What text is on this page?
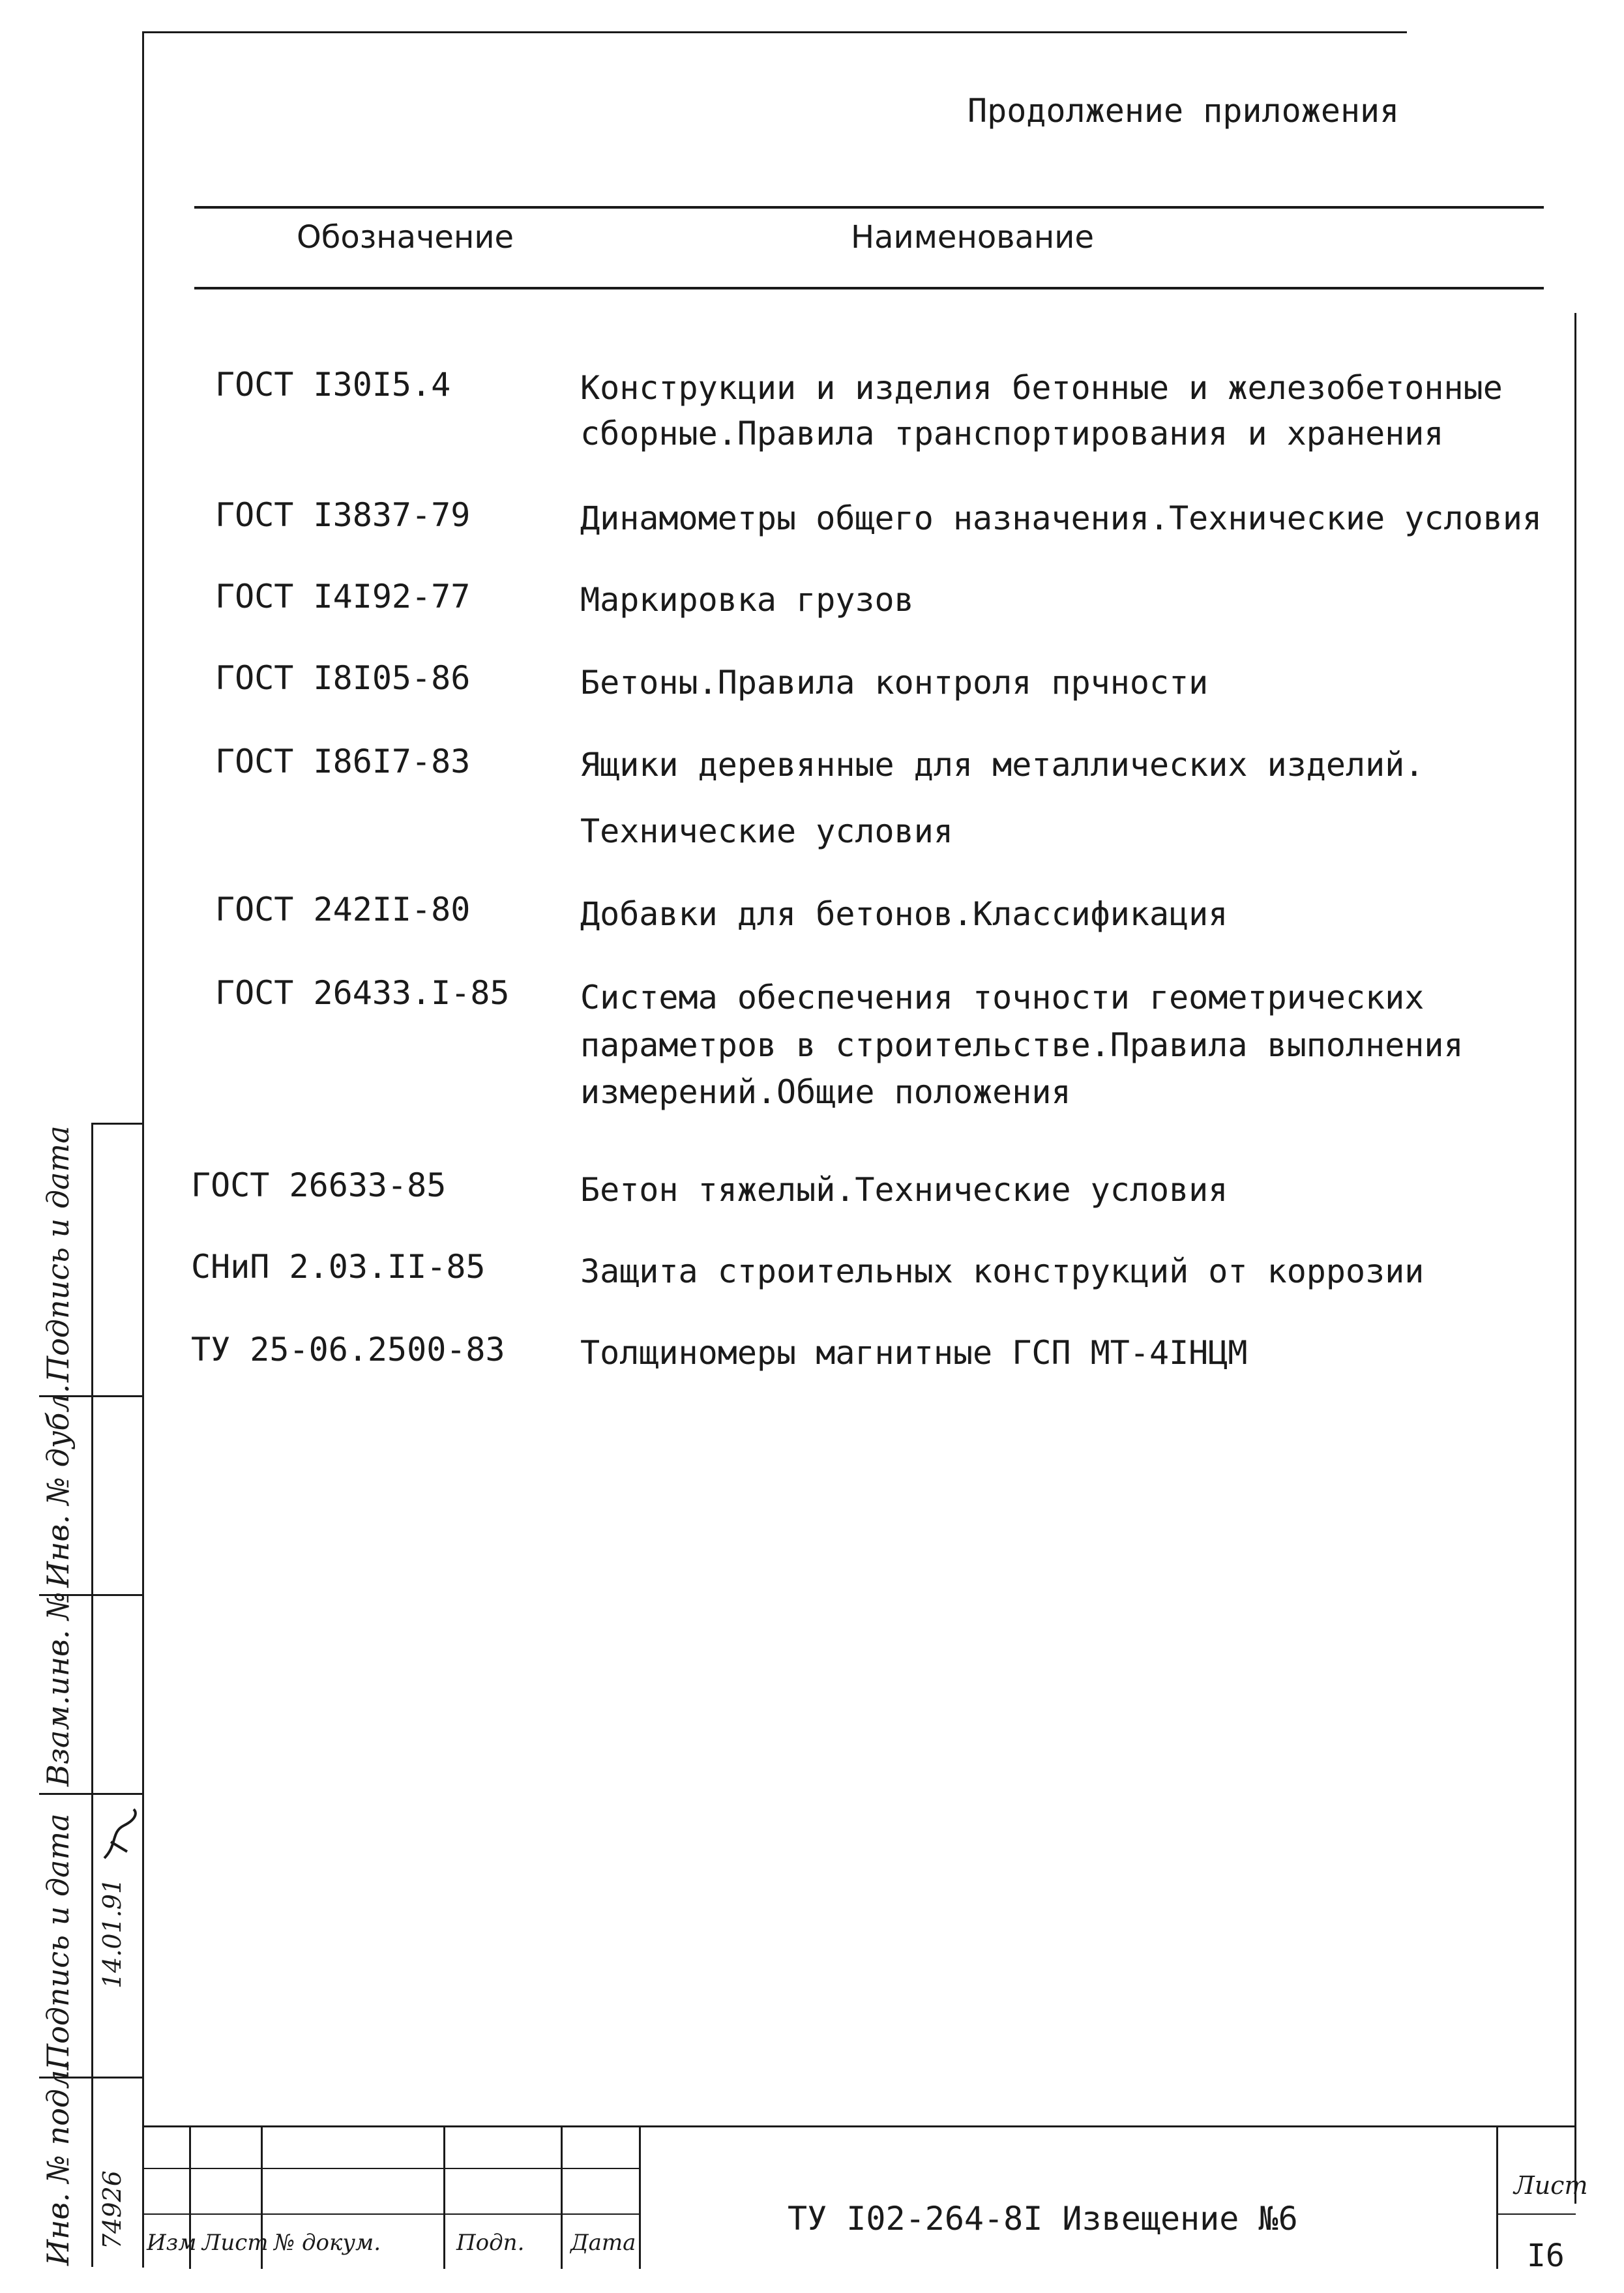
Продолжение приложения
Обозначение	Наименование
ГОСТ I30I5.4	Конструкции и изделия бетонные и железобетонные
сборные.Правила транспортирования и хранения
ГОСТ I3837-79	Динамометры общего назначения.Технические условия
ГОСТ I4I92-77	Маркировка грузов
ГОСТ I8I05-86	Бетоны.Правила контроля прчности
ГОСТ I86I7-83	Ящики деревянные для металлических изделий.
Технические условия
ГОСТ 242II-80	Добавки для бетонов.Классификация
ГОСТ 26433.I-85 Система обеспечения точности геометрических
параметров в строительстве.Правила выполнения
измерений.Общие положения
ГОСТ 26633-85	Бетон тяжелый.Технические условия
СНиП 2.03.II-85	Защита строительных конструкций от коррозии
ТУ 25-06.2500-83 Толщиномеры магнитные ГСП МТ-4IНЦМ
Подпись и дата
Инв. № дубл.
Взам.инв. №
Подпись и дата
Инв. № подл.
14.01.91
74926 Изм Лист № докум.	Подп. Дата
ТУ I02-264-8I Извещение №6
Лист
I6
